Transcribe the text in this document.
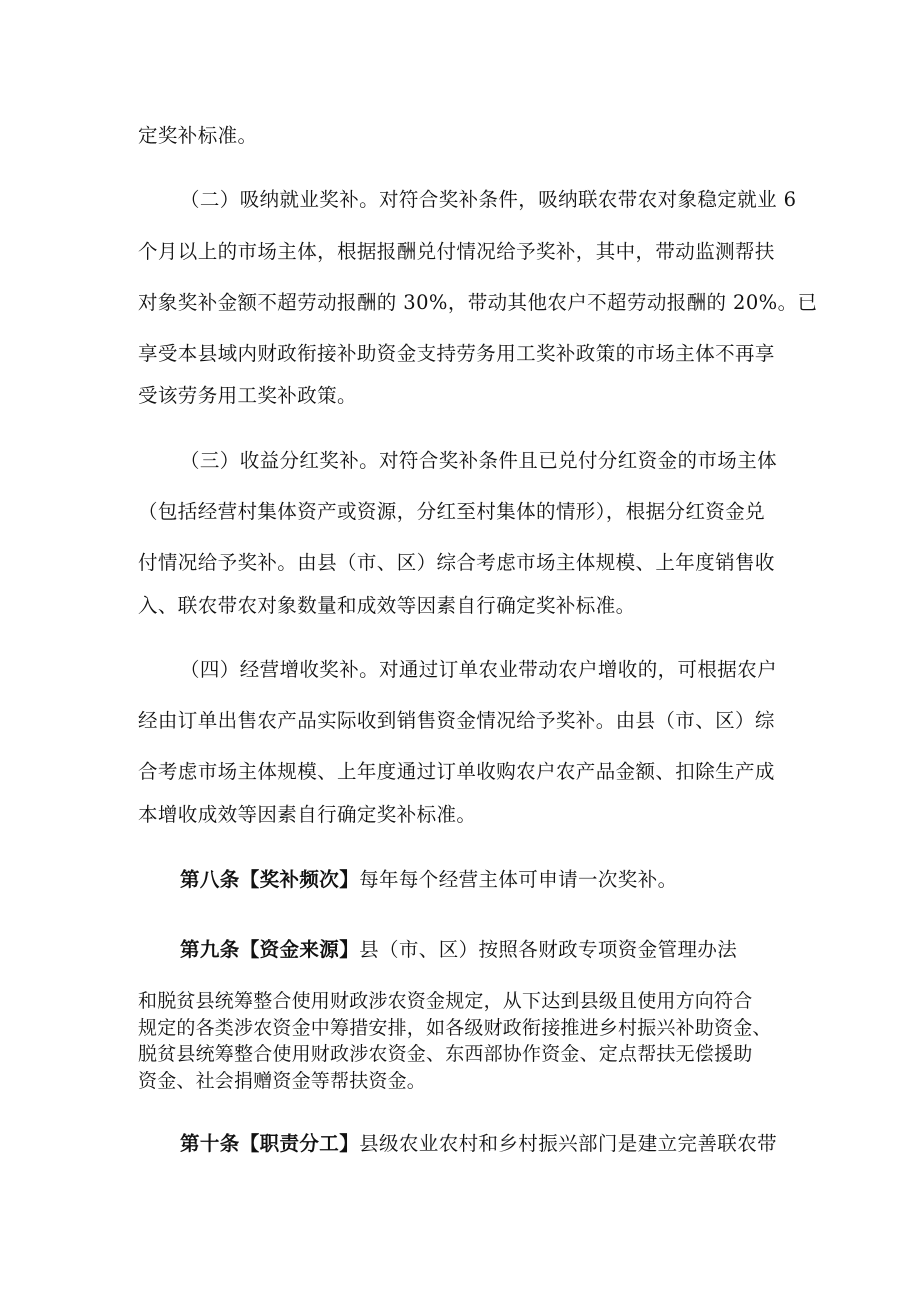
定奖补标准。
（二）吸纳就业奖补。对符合奖补条件，吸纳联农带农对象稳定就业 6
个月以上的市场主体，根据报酬兑付情况给予奖补，其中，带动监测帮扶
对象奖补金额不超劳动报酬的 30%，带动其他农户不超劳动报酬的 20%。已
享受本县域内财政衔接补助资金支持劳务用工奖补政策的市场主体不再享
受该劳务用工奖补政策。
（三）收益分红奖补。对符合奖补条件且已兑付分红资金的市场主体
（包括经营村集体资产或资源，分红至村集体的情形），根据分红资金兑
付情况给予奖补。由县（市、区）综合考虑市场主体规模、上年度销售收
入、联农带农对象数量和成效等因素自行确定奖补标准。
（四）经营增收奖补。对通过订单农业带动农户增收的，可根据农户
经由订单出售农产品实际收到销售资金情况给予奖补。由县（市、区）综
合考虑市场主体规模、上年度通过订单收购农户农产品金额、扣除生产成
本增收成效等因素自行确定奖补标准。
第八条【奖补频次】每年每个经营主体可申请一次奖补。
第九条【资金来源】县（市、区）按照各财政专项资金管理办法
和脱贫县统筹整合使用财政涉农资金规定，从下达到县级且使用方向符合
规定的各类涉农资金中筹措安排，如各级财政衔接推进乡村振兴补助资金、
脱贫县统筹整合使用财政涉农资金、东西部协作资金、定点帮扶无偿援助
资金、社会捐赠资金等帮扶资金。
第十条【职责分工】县级农业农村和乡村振兴部门是建立完善联农带
